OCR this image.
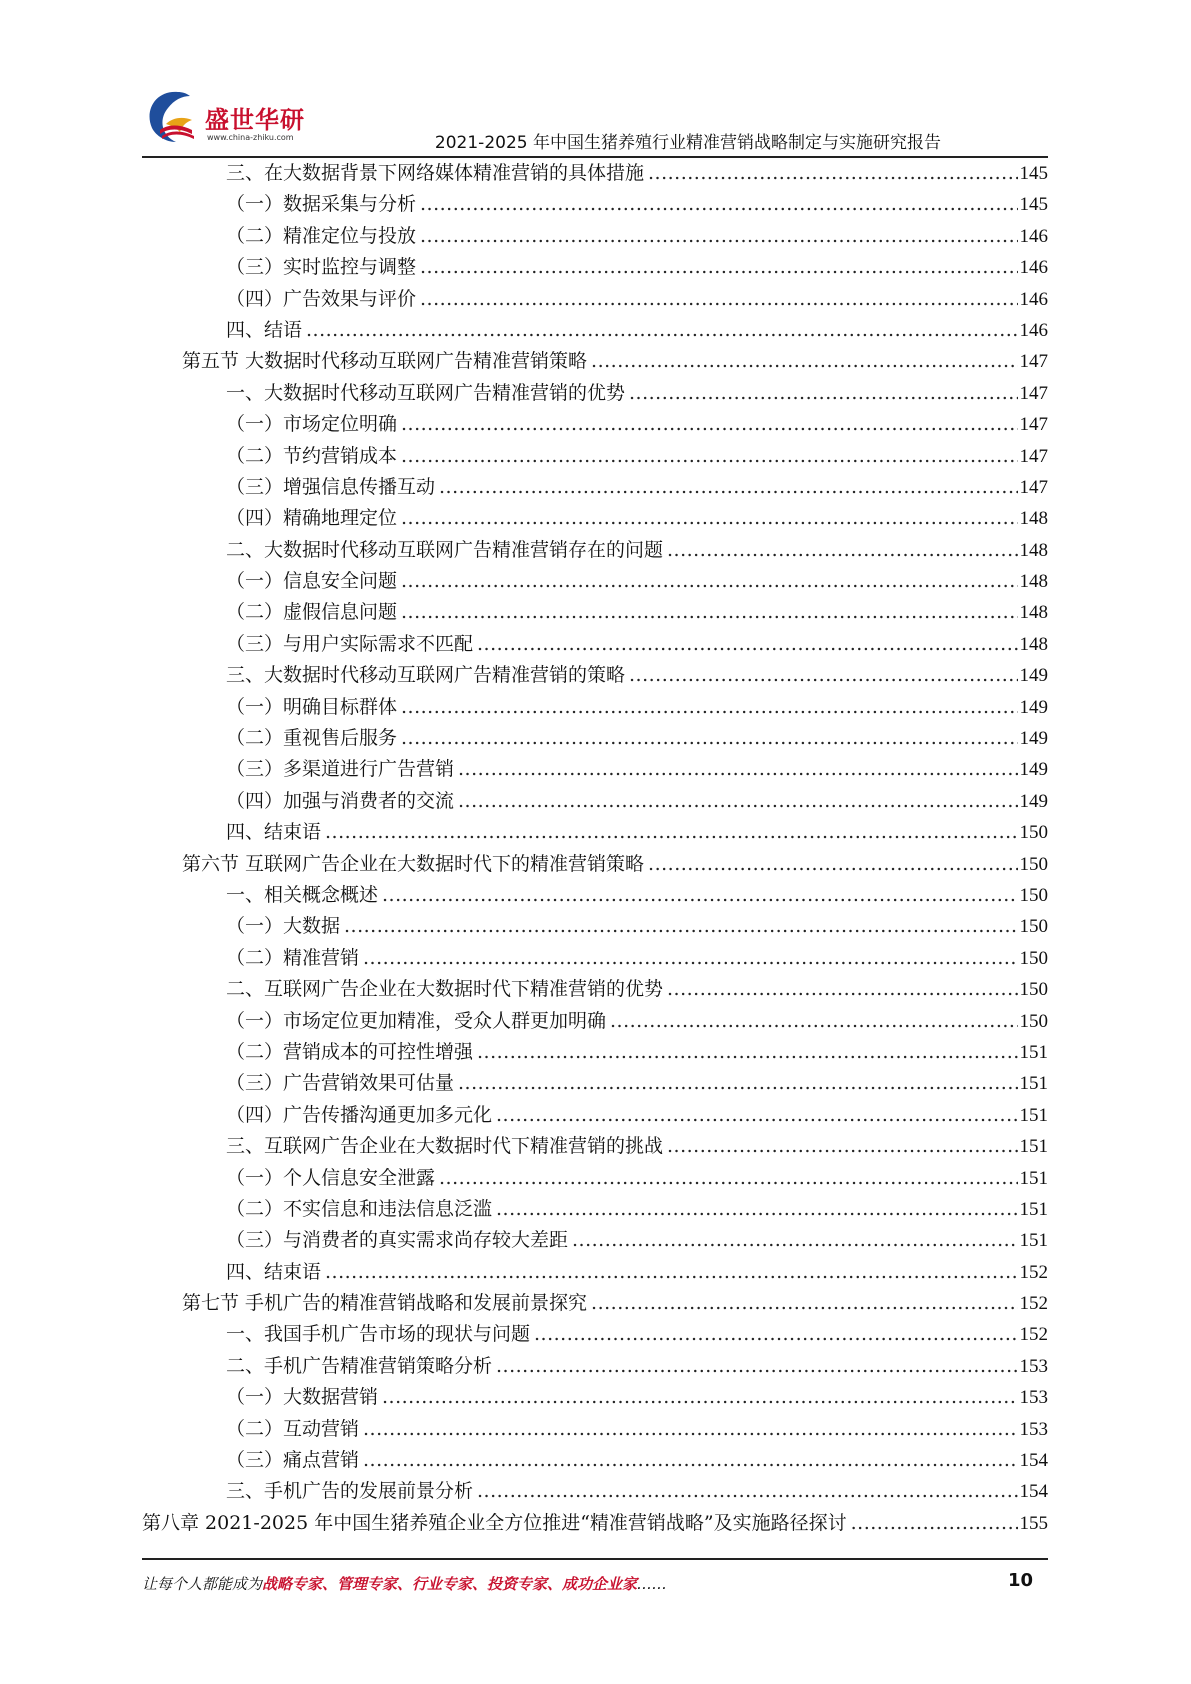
盛世华研
www.china-zhiku.com	2021-2025 年中国生猪养殖行业精准营销战略制定与实施研究报告
三、在大数据背景下网络媒体精准营销的具体措施 .....	145
（一）数据采集与分析 .....	145
（二）精准定位与投放 .....	146
（三）实时监控与调整 .....	146
（四）广告效果与评价 .....	146
四、结语 .....	146
第五节 大数据时代移动互联网广告精准营销策略 .....	147
一、大数据时代移动互联网广告精准营销的优势 .....	147
（一）市场定位明确 .....	147
（二）节约营销成本 .....	147
（三）增强信息传播互动 .....	147
（四）精确地理定位 .....	148
二、大数据时代移动互联网广告精准营销存在的问题 .....	148
（一）信息安全问题 .....	148
（二）虚假信息问题 .....	148
（三）与用户实际需求不匹配 .....	148
三、大数据时代移动互联网广告精准营销的策略 .....	149
（一）明确目标群体 .....	149
（二）重视售后服务 .....	149
（三）多渠道进行广告营销 .....	149
（四）加强与消费者的交流 .....	149
四、结束语 .....	150
第六节 互联网广告企业在大数据时代下的精准营销策略 .....	150
一、相关概念概述 .....	150
（一）大数据 .....	150
（二）精准营销 .....	150
二、互联网广告企业在大数据时代下精准营销的优势 .....	150
（一）市场定位更加精准，受众人群更加明确 .....	150
（二）营销成本的可控性增强 .....	151
（三）广告营销效果可估量 .....	151
（四）广告传播沟通更加多元化 .....	151
三、互联网广告企业在大数据时代下精准营销的挑战 .....	151
（一）个人信息安全泄露 .....	151
（二）不实信息和违法信息泛滥 .....	151
（三）与消费者的真实需求尚存较大差距 .....	151
四、结束语 .....	152
第七节 手机广告的精准营销战略和发展前景探究 .....	152
一、我国手机广告市场的现状与问题 .....	152
二、手机广告精准营销策略分析 .....	153
（一）大数据营销 .....	153
（二）互动营销 .....	153
（三）痛点营销 .....	154
三、手机广告的发展前景分析 .....	154
第八章 2021-2025 年中国生猪养殖企业全方位推进“精准营销战略”及实施路径探讨 .....	155
让每个人都能成为战略专家、管理专家、行业专家、投资专家、成功企业家……	10
